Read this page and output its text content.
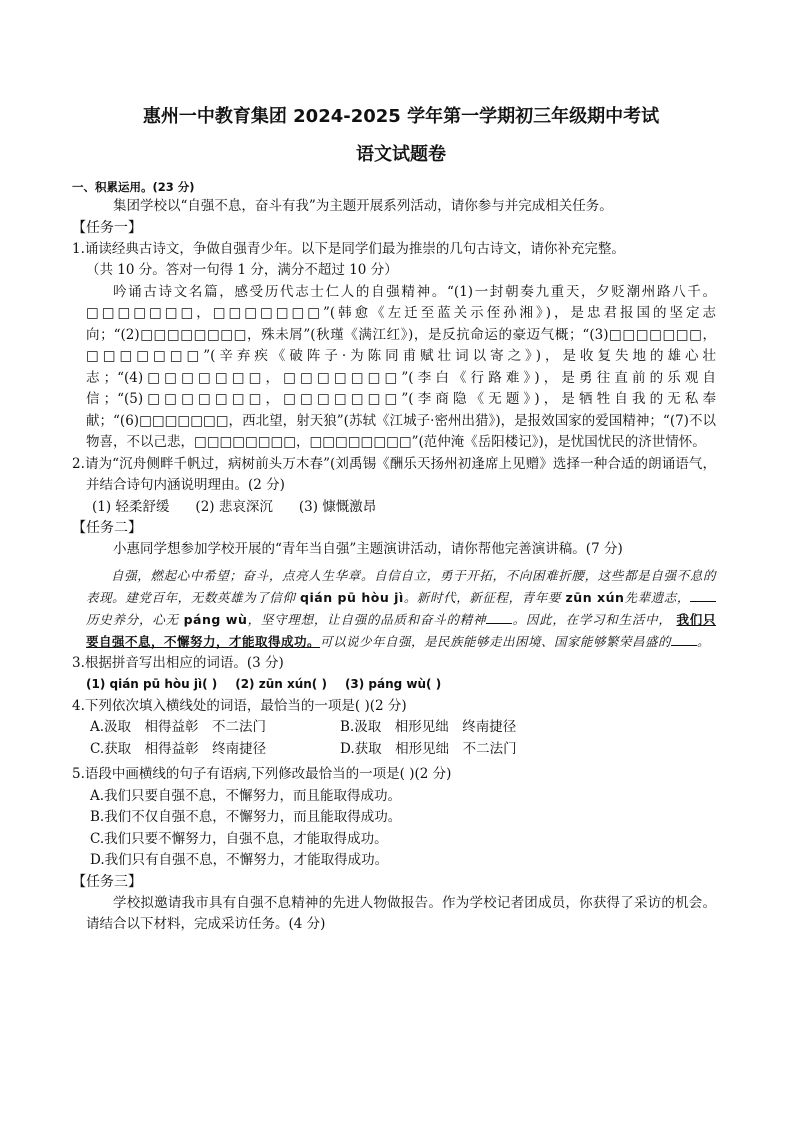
惠州一中教育集团 2024-2025 学年第一学期初三年级期中考试
语文试题卷
一、积累运用。(23 分)

集团学校以“自强不息，奋斗有我”为主题开展系列活动，请你参与并完成相关任务。

【任务一】

1.诵读经典古诗文，争做自强青少年。以下是同学们最为推崇的几句古诗文，请你补充完整。

（共 10 分。答对一句得 1 分，满分不超过 10 分）

吟诵古诗文名篇，感受历代志士仁人的自强精神。“(1)一封朝奏九重天，夕贬潮州路八千。□□□□□□□，□□□□□□□”(韩愈《左迁至蓝关示侄孙湘》)，是忠君报国的坚定志向；“(2)□□□□□□□□，殊未屑”(秋瑾《满江红》)，是反抗命运的豪迈气概；“(3)□□□□□□□，□□□□□□□”(辛弃疾《破阵子·为陈同甫赋壮词以寄之》)，是收复失地的雄心壮志；“(4)□□□□□□□，□□□□□□□”(李白《行路难》)，是勇往直前的乐观自信；“(5)□□□□□□□，□□□□□□□”(李商隐《无题》)，是牺牲自我的无私奉献；“(6)□□□□□□□，西北望，射天狼”(苏轼《江城子·密州出猎》)，是报效国家的爱国精神；“(7)不以物喜，不以己悲，□□□□□□□□，□□□□□□□□”(范仲淹《岳阳楼记》)，是忧国忧民的济世情怀。

2.请为“沉舟侧畔千帆过，病树前头万木春”(刘禹锡《酬乐天扬州初逢席上见赠》选择一种合适的朗诵语气，并结合诗句内涵说明理由。(2 分)

(1) 轻柔舒缓 (2) 悲哀深沉 (3) 慷慨激昂

【任务二】

小惠同学想参加学校开展的“青年当自强”主题演讲活动，请你帮他完善演讲稿。(7 分)

自强，燃起心中希望；奋斗，点亮人生华章。自信自立，勇于开拓，不向困难折腰，这些都是自强不息的表现。建党百年，无数英雄为了信仰 qián pū hòu jì。新时代，新征程，青年要 zūn xún先辈遗志，历史养分，心无 páng wù，坚守理想，让自强的品质和奋斗的精神 。因此，在学习和生活中， 我们只要自强不息，不懈努力，才能取得成功。可以说少年自强，是民族能够走出困境、国家能够繁荣昌盛的 。

3.根据拼音写出相应的词语。(3 分)

(1) qián pū hòu jì( ) (2) zūn xún( ) (3) páng wù( )

4.下列依次填入横线处的词语，最恰当的一项是( )(2 分)

A.汲取　相得益彰　不二法门	B.汲取　相形见绌　终南捷径

C.获取　相得益彰　终南捷径	D.获取　相形见绌　不二法门

5.语段中画横线的句子有语病,下列修改最恰当的一项是( )(2 分)

A.我们只要自强不息，不懈努力，而且能取得成功。

B.我们不仅自强不息，不懈努力，而且能取得成功。

C.我们只要不懈努力，自强不息，才能取得成功。

D.我们只有自强不息，不懈努力，才能取得成功。

【任务三】

学校拟邀请我市具有自强不息精神的先进人物做报告。作为学校记者团成员，你获得了采访的机会。请结合以下材料，完成采访任务。(4 分)
